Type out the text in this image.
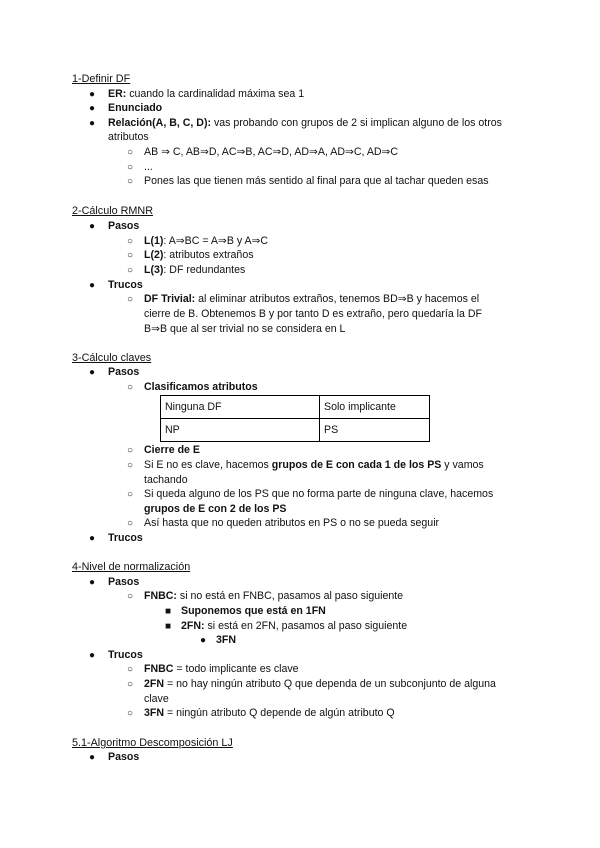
1-Definir DF
● ER: cuando la cardinalidad máxima sea 1
● Enunciado
● Relación(A, B, C, D): vas probando con grupos de 2 si implican alguno de los otros
atributos
○ AB ⇒ C, AB⇒D, AC⇒B, AC⇒D, AD⇒A, AD⇒C, AD⇒C
○ ...
○ Pones las que tienen más sentido al final para que al tachar queden esas
2-Cálculo RMNR
● Pasos
○ L(1): A⇒BC = A⇒B y A⇒C
○ L(2): atributos extraños
○ L(3): DF redundantes
● Trucos
○ DF Trivial: al eliminar atributos extraños, tenemos BD⇒B y hacemos el
cierre de B. Obtenemos B y por tanto D es extraño, pero quedaría la DF
B⇒B que al ser trivial no se considera en L
3-Cálculo claves
● Pasos
○ Clasificamos atributos
Ninguna DF	Solo implicante
NP	PS
○ Cierre de E
○ Si E no es clave, hacemos grupos de E con cada 1 de los PS y vamos
tachando
○ Si queda alguno de los PS que no forma parte de ninguna clave, hacemos
grupos de E con 2 de los PS
○ Así hasta que no queden atributos en PS o no se pueda seguir
● Trucos
4-Nivel de normalización
● Pasos
○ FNBC: si no está en FNBC, pasamos al paso siguiente
■ Suponemos que está en 1FN
■ 2FN: si está en 2FN, pasamos al paso siguiente
● 3FN
● Trucos
○ FNBC = todo implicante es clave
○ 2FN = no hay ningún atributo Q que dependa de un subconjunto de alguna
clave
○ 3FN = ningún atributo Q depende de algún atributo Q
5.1-Algoritmo Descomposición LJ
● Pasos
